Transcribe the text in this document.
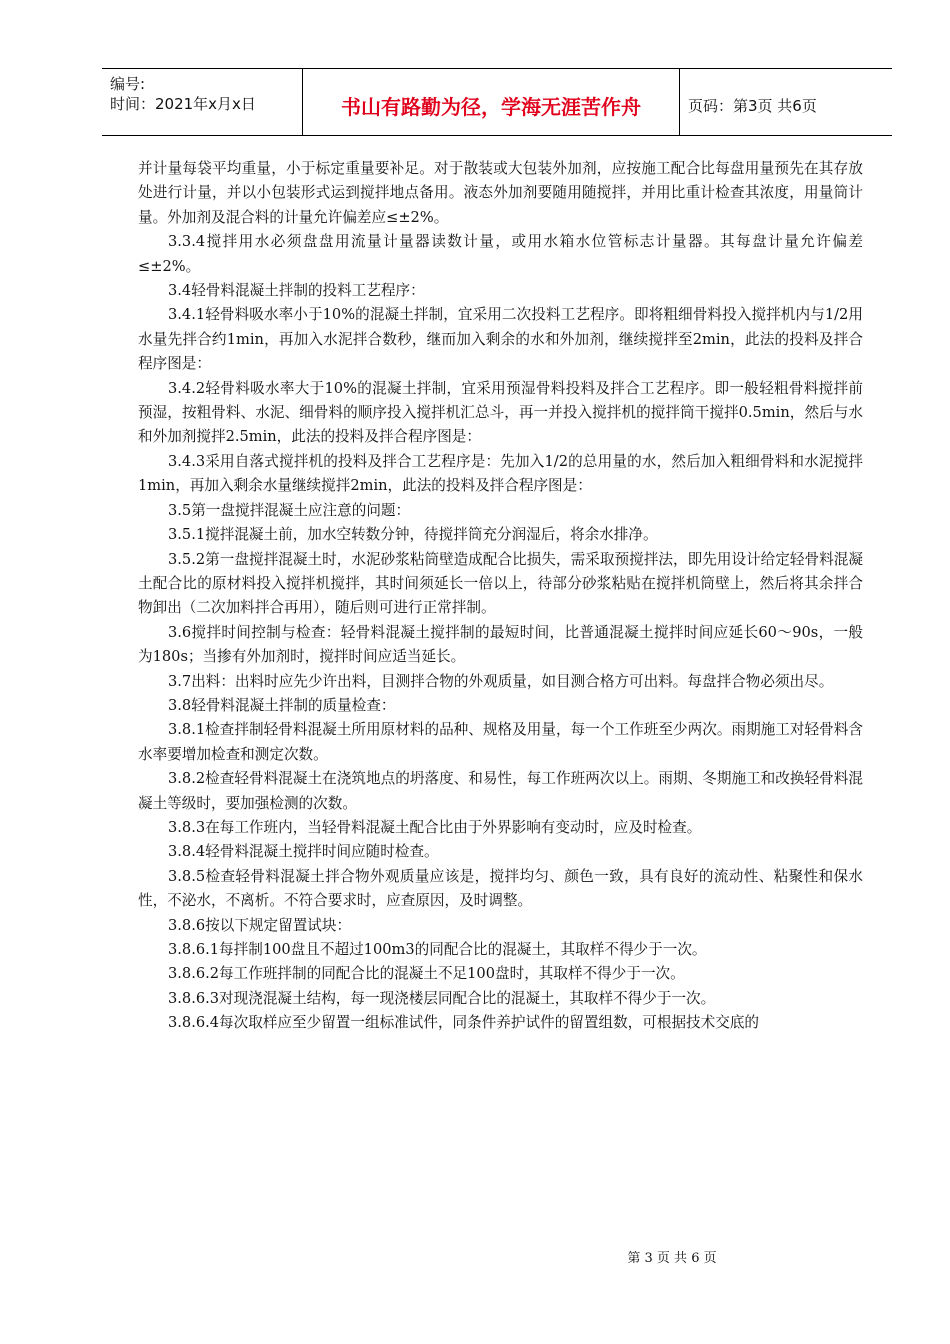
编号:
时间：2021年x月x日	书山有路勤为径，学海无涯苦作舟	页码：第3页 共6页

并计量每袋平均重量，小于标定重量要补足。对于散装或大包装外加剂，应按施工配合比每盘用量预先在其存放处进行计量，并以小包装形式运到搅拌地点备用。液态外加剂要随用随搅拌，并用比重计检查其浓度，用量筒计量。外加剂及混合料的计量允许偏差应≤±2%。

3.3.4搅拌用水必须盘盘用流量计量器读数计量，或用水箱水位管标志计量器。其每盘计量允许偏差≤±2%。

3.4轻骨料混凝土拌制的投料工艺程序：

3.4.1轻骨料吸水率小于10%的混凝土拌制，宜采用二次投料工艺程序。即将粗细骨料投入搅拌机内与1/2用水量先拌合约1min，再加入水泥拌合数秒，继而加入剩余的水和外加剂，继续搅拌至2min，此法的投料及拌合程序图是：

3.4.2轻骨料吸水率大于10%的混凝土拌制，宜采用预湿骨料投料及拌合工艺程序。即一般轻粗骨料搅拌前预湿，按粗骨料、水泥、细骨料的顺序投入搅拌机汇总斗，再一并投入搅拌机的搅拌筒干搅拌0.5min，然后与水和外加剂搅拌2.5min，此法的投料及拌合程序图是：

3.4.3采用自落式搅拌机的投料及拌合工艺程序是：先加入1/2的总用量的水，然后加入粗细骨料和水泥搅拌1min，再加入剩余水量继续搅拌2min，此法的投料及拌合程序图是：

3.5第一盘搅拌混凝土应注意的问题：

3.5.1搅拌混凝土前，加水空转数分钟，待搅拌筒充分润湿后，将余水排净。

3.5.2第一盘搅拌混凝土时，水泥砂浆粘筒壁造成配合比损失，需采取预搅拌法，即先用设计给定轻骨料混凝土配合比的原材料投入搅拌机搅拌，其时间须延长一倍以上，待部分砂浆粘贴在搅拌机筒壁上，然后将其余拌合物卸出（二次加料拌合再用），随后则可进行正常拌制。

3.6搅拌时间控制与检查：轻骨料混凝土搅拌制的最短时间，比普通混凝土搅拌时间应延长60～90s，一般为180s；当掺有外加剂时，搅拌时间应适当延长。

3.7出料：出料时应先少许出料，目测拌合物的外观质量，如目测合格方可出料。每盘拌合物必须出尽。

3.8轻骨料混凝土拌制的质量检查：

3.8.1检查拌制轻骨料混凝土所用原材料的品种、规格及用量，每一个工作班至少两次。雨期施工对轻骨料含水率要增加检查和测定次数。

3.8.2检查轻骨料混凝土在浇筑地点的坍落度、和易性，每工作班两次以上。雨期、冬期施工和改换轻骨料混凝土等级时，要加强检测的次数。

3.8.3在每工作班内，当轻骨料混凝土配合比由于外界影响有变动时，应及时检查。

3.8.4轻骨料混凝土搅拌时间应随时检查。

3.8.5检查轻骨料混凝土拌合物外观质量应该是，搅拌均匀、颜色一致，具有良好的流动性、粘聚性和保水性，不泌水，不离析。不符合要求时，应查原因，及时调整。

3.8.6按以下规定留置试块：

3.8.6.1每拌制100盘且不超过100m3的同配合比的混凝土，其取样不得少于一次。

3.8.6.2每工作班拌制的同配合比的混凝土不足100盘时，其取样不得少于一次。

3.8.6.3对现浇混凝土结构，每一现浇楼层同配合比的混凝土，其取样不得少于一次。

3.8.6.4每次取样应至少留置一组标准试件，同条件养护试件的留置组数，可根据技术交底的

第 3 页 共 6 页
